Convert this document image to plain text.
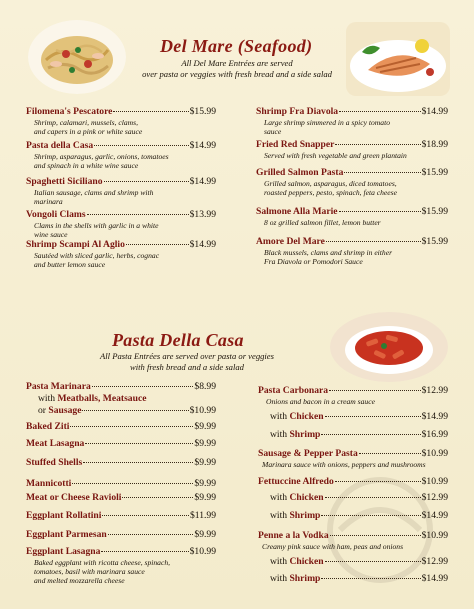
Del Mare (Seafood)
All Del Mare Entrées are served
over pasta or veggies with fresh bread and a side salad
Filomena's Pescatore	$15.99
Shrimp, calamari, mussels, clams,
and capers in a pink or white sauce
Pasta della Casa	$14.99
Shrimp, asparagus, garlic, onions, tomatoes
and spinach in a white wine sauce
Spaghetti Siciliano	$14.99
Italian sausage, clams and shrimp with
marinara
Vongoli Clams	$13.99
Clams in the shells with garlic in a white
wine sauce
Shrimp Scampi Al Aglio	$14.99
Sautéed with sliced garlic, herbs, cognac
and butter lemon sauce
Shrimp Fra Diavola	$14.99
Large shrimp simmered in a spicy tomato
sauce
Fried Red Snapper	$18.99
Served with fresh vegetable and green plantain
Grilled Salmon Pasta	$15.99
Grilled salmon, asparagus, diced tomatoes,
roasted peppers, pesto, spinach, feta cheese
Salmone Alla Marie	$15.99
8 oz grilled salmon fillet, lemon butter
Amore Del Mare	$15.99
Black mussels, clams and shrimp in either
Fra Diavola or Pomodori Sauce
Pasta Della Casa
All Pasta Entrées are served over pasta or veggies
with fresh bread and a side salad
Pasta Marinara	$8.99
with Meatballs, Meatsauce
or Sausage	$10.99
Baked Ziti	$9.99
Meat Lasagna	$9.99
Stuffed Shells	$9.99
Mannicotti	$9.99
Meat or Cheese Ravioli	$9.99
Eggplant Rollatini	$11.99
Eggplant Parmesan	$9.99
Eggplant Lasagna	$10.99
Baked eggplant with ricotta cheese, spinach,
tomatoes, basil with marinara sauce
and melted mozzarella cheese
Pasta Carbonara	$12.99
Onions and bacon in a cream sauce
with Chicken	$14.99
with Shrimp	$16.99
Sausage & Pepper Pasta	$10.99
Marinara sauce with onions, peppers and mushrooms
Fettuccine Alfredo	$10.99
with Chicken	$12.99
with Shrimp	$14.99
Penne a la Vodka	$10.99
Creamy pink sauce with ham, peas and onions
with Chicken	$12.99
with Shrimp	$14.99
